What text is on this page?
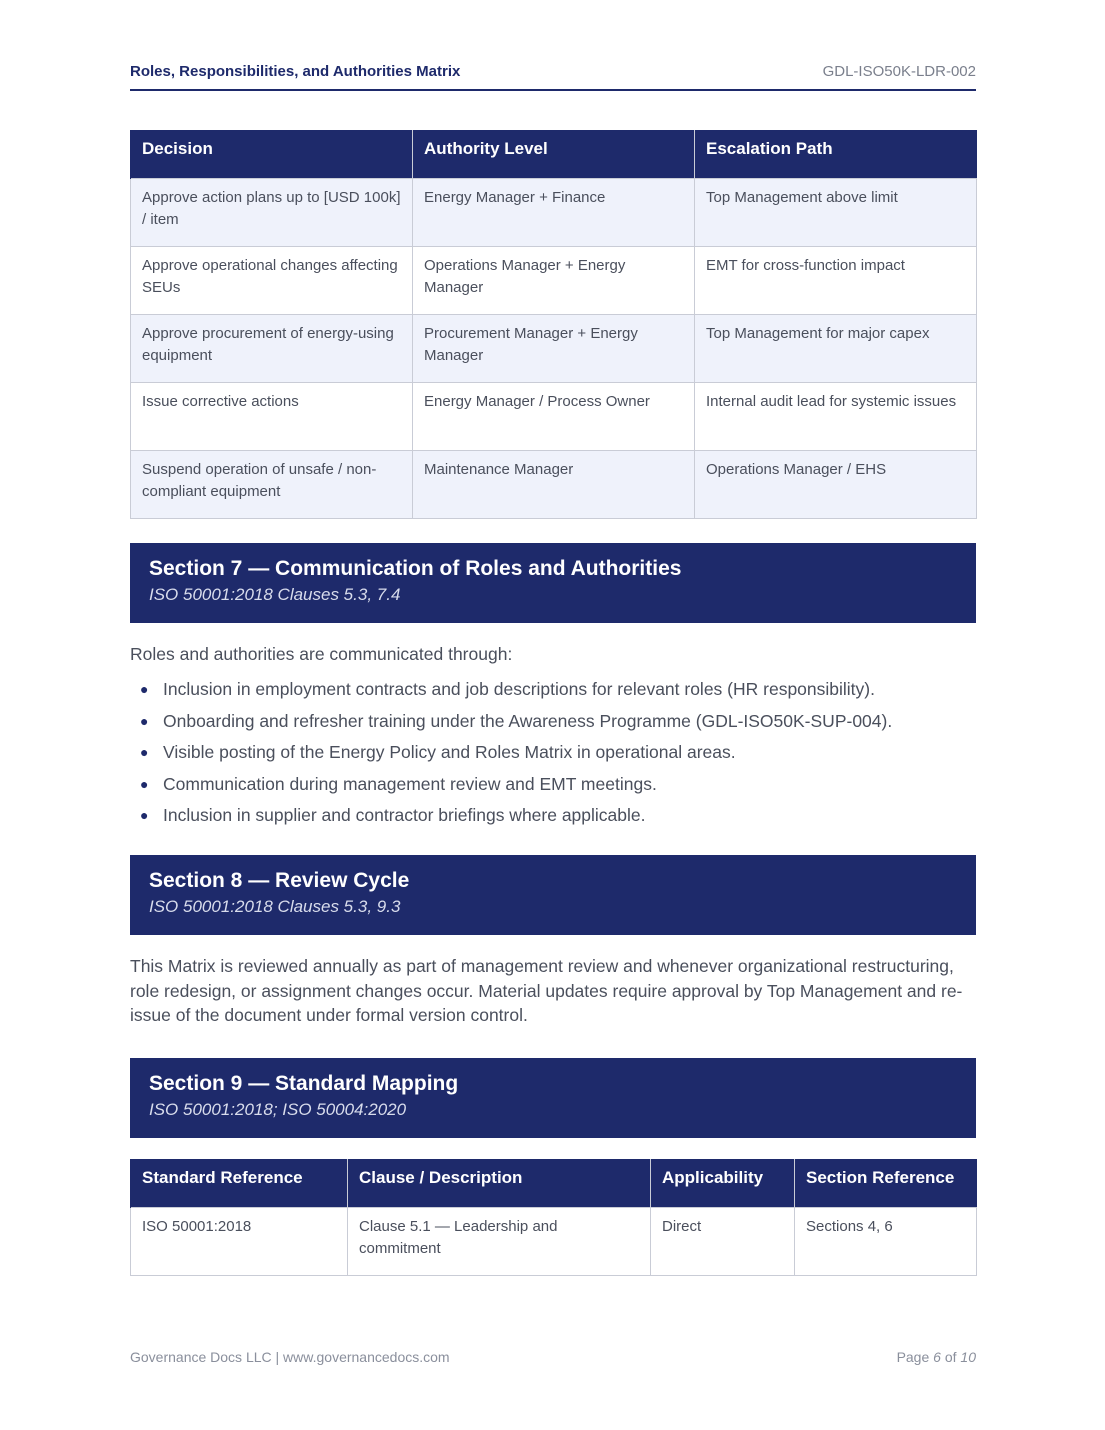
Roles, Responsibilities, and Authorities Matrix	GDL-ISO50K-LDR-002
Decision	Authority Level	Escalation Path
Approve action plans up to [USD 100k] / item	Energy Manager + Finance	Top Management above limit
Approve operational changes affecting SEUs	Operations Manager + Energy Manager	EMT for cross-function impact
Approve procurement of energy-using equipment	Procurement Manager + Energy Manager	Top Management for major capex
Issue corrective actions	Energy Manager / Process Owner	Internal audit lead for systemic issues
Suspend operation of unsafe / non-compliant equipment	Maintenance Manager	Operations Manager / EHS
Section 7 — Communication of Roles and Authorities
ISO 50001:2018 Clauses 5.3, 7.4

Roles and authorities are communicated through:

● Inclusion in employment contracts and job descriptions for relevant roles (HR responsibility).
● Onboarding and refresher training under the Awareness Programme (GDL-ISO50K-SUP-004).
● Visible posting of the Energy Policy and Roles Matrix in operational areas.
● Communication during management review and EMT meetings.
● Inclusion in supplier and contractor briefings where applicable.
Section 8 — Review Cycle
ISO 50001:2018 Clauses 5.3, 9.3

This Matrix is reviewed annually as part of management review and whenever organizational restructuring, role redesign, or assignment changes occur. Material updates require approval by Top Management and re-issue of the document under formal version control.

Section 9 — Standard Mapping
ISO 50001:2018; ISO 50004:2020
Standard Reference	Clause / Description	Applicability	Section Reference
ISO 50001:2018	Clause 5.1 — Leadership and commitment	Direct	Sections 4, 6
Governance Docs LLC | www.governancedocs.com	Page 6 of 10
